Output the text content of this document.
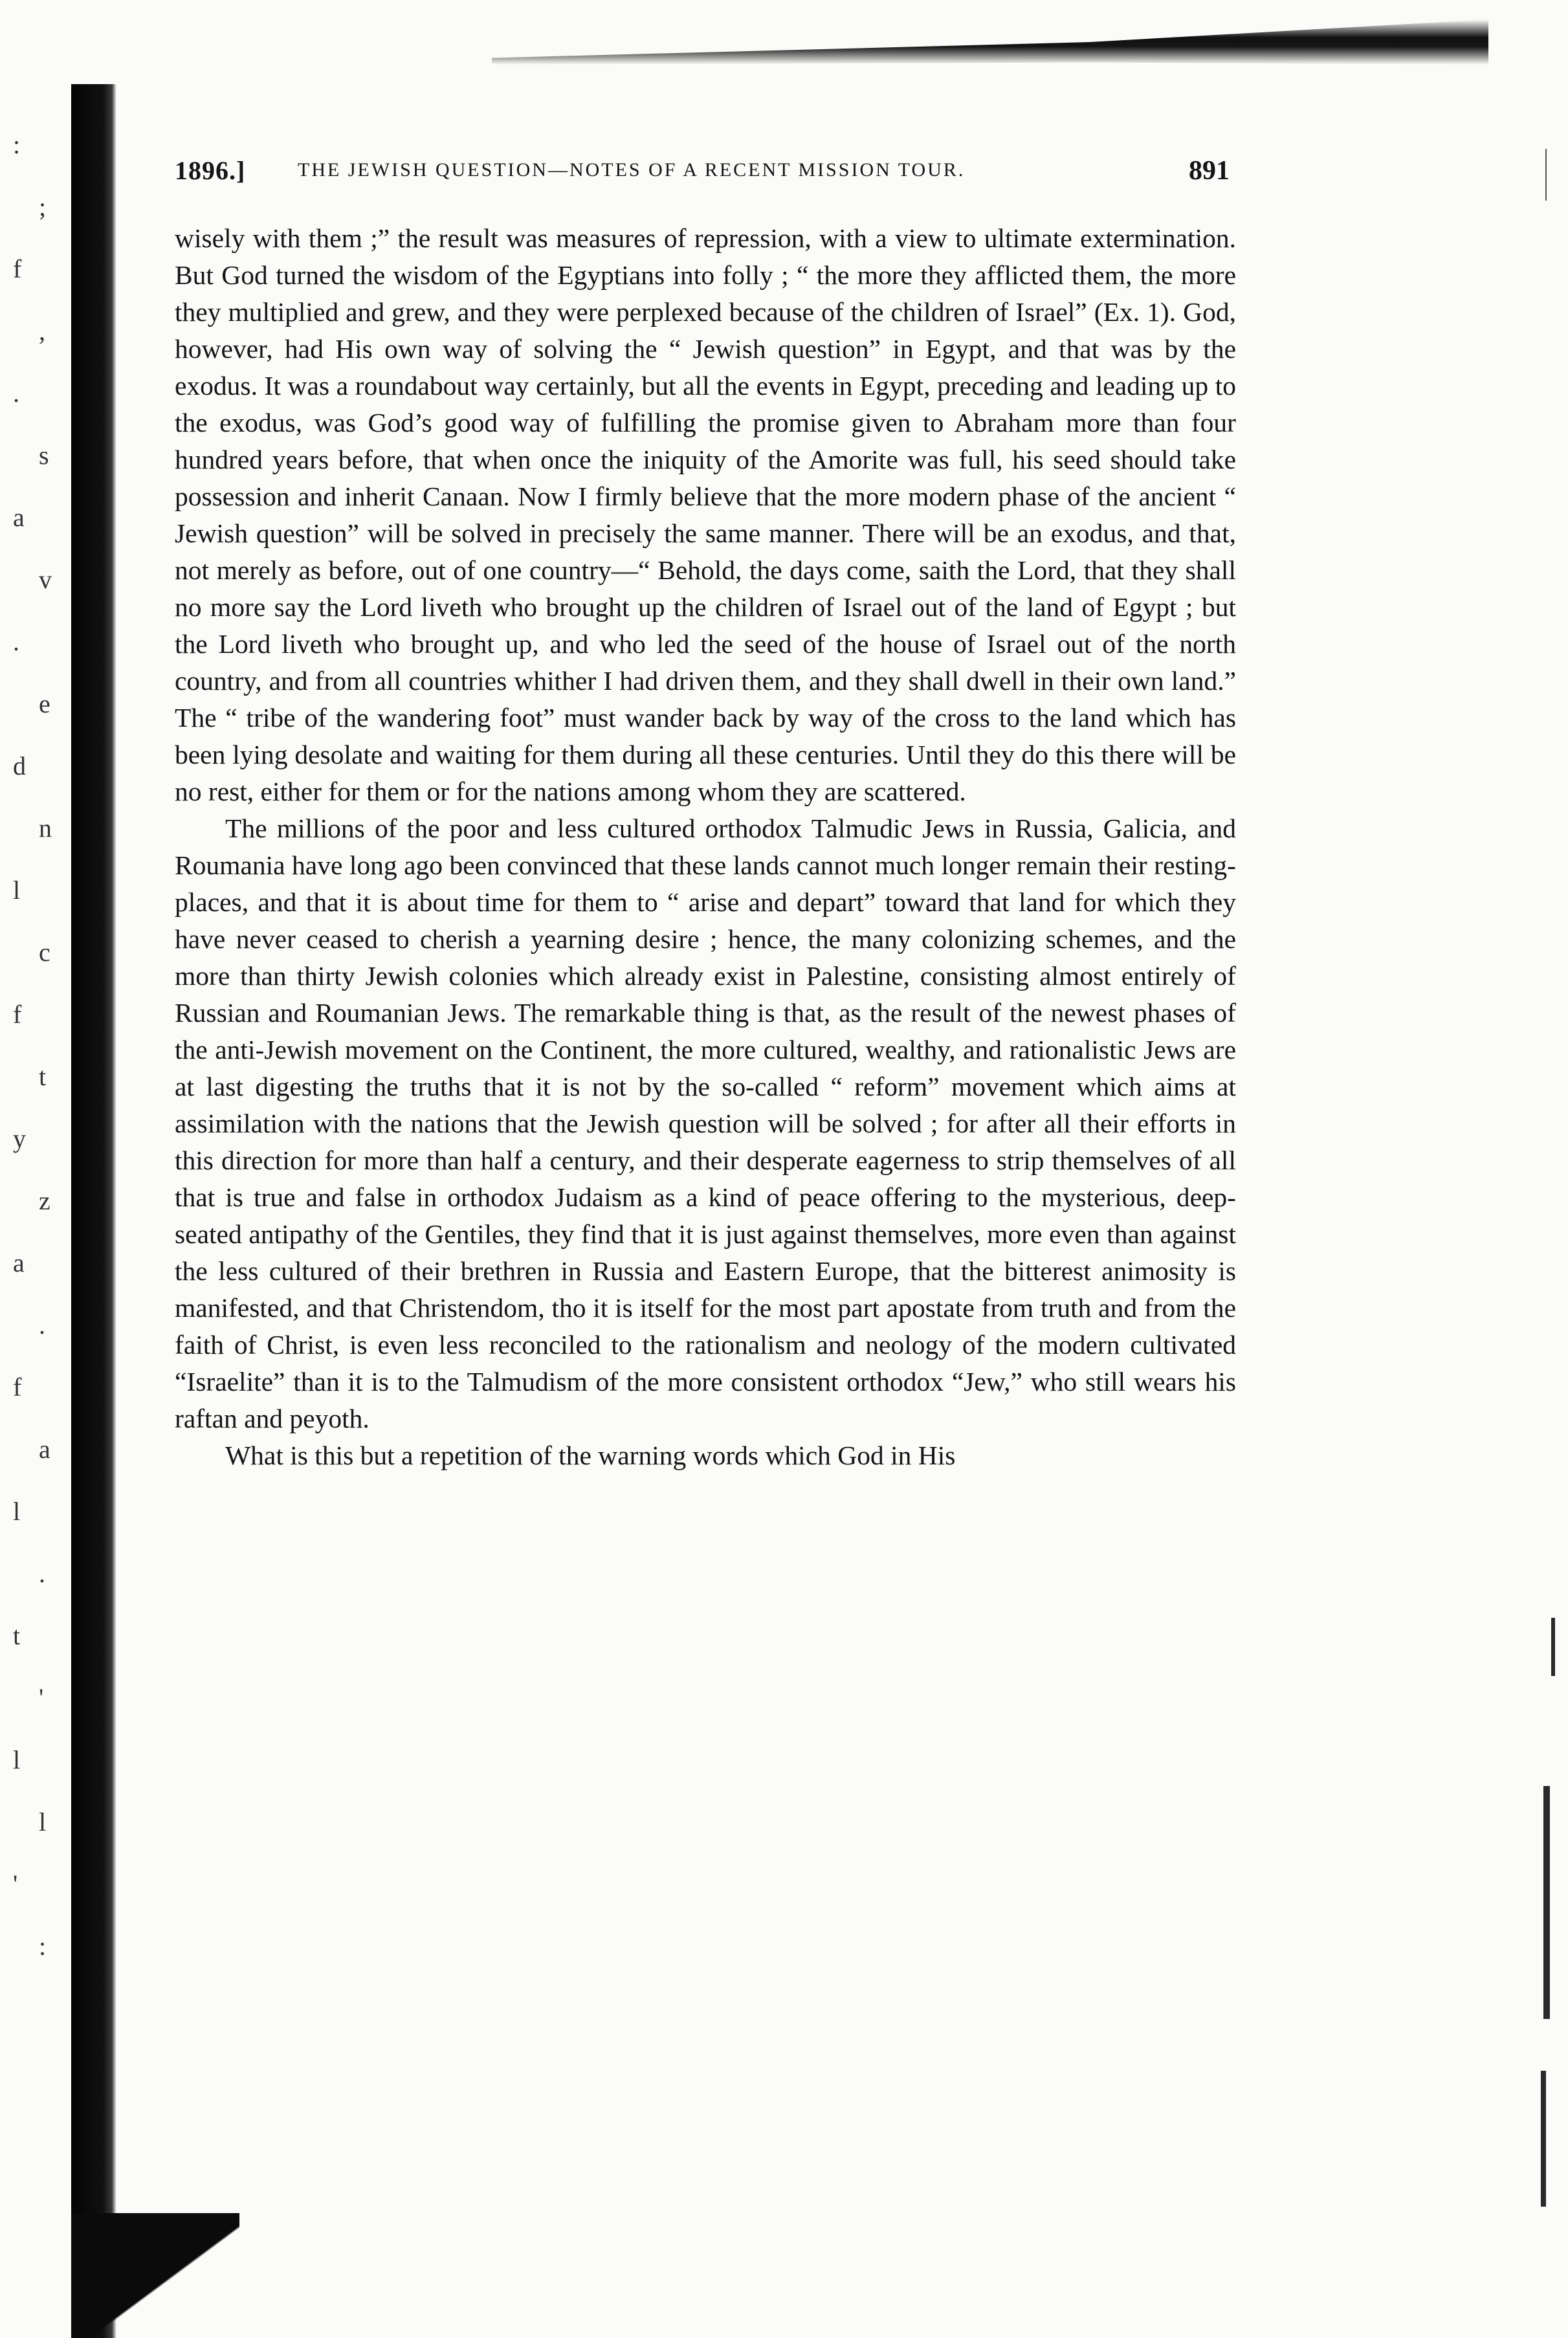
:
;
f
,
.
s
a
v
.
e
d
n
l
c
f
t
y
z
a
.
f
a
l
.
t
'
l
l
'
:
1896.]	THE JEWISH QUESTION—NOTES OF A RECENT MISSION TOUR.	891

wisely with them ;” the result was measures of repression, with a view to ultimate extermination. But God turned the wisdom of the Egyptians into folly ; “ the more they afflicted them, the more they multiplied and grew, and they were perplexed because of the children of Israel” (Ex. 1). God, however, had His own way of solving the “ Jewish question” in Egypt, and that was by the exodus. It was a roundabout way certainly, but all the events in Egypt, preceding and leading up to the exodus, was God’s good way of fulfilling the promise given to Abraham more than four hundred years before, that when once the iniquity of the Amorite was full, his seed should take possession and inherit Canaan. Now I firmly believe that the more modern phase of the ancient “ Jewish question” will be solved in precisely the same manner. There will be an exodus, and that, not merely as before, out of one country—“ Behold, the days come, saith the Lord, that they shall no more say the Lord liveth who brought up the children of Israel out of the land of Egypt ; but the Lord liveth who brought up, and who led the seed of the house of Israel out of the north country, and from all countries whither I had driven them, and they shall dwell in their own land.” The “ tribe of the wandering foot” must wander back by way of the cross to the land which has been lying desolate and waiting for them during all these centuries. Until they do this there will be no rest, either for them or for the nations among whom they are scattered.

The millions of the poor and less cultured orthodox Talmudic Jews in Russia, Galicia, and Roumania have long ago been convinced that these lands cannot much longer remain their resting-places, and that it is about time for them to “ arise and depart” toward that land for which they have never ceased to cherish a yearning desire ; hence, the many colonizing schemes, and the more than thirty Jewish colonies which already exist in Palestine, consisting almost entirely of Russian and Roumanian Jews. The remarkable thing is that, as the result of the newest phases of the anti-Jewish movement on the Continent, the more cultured, wealthy, and rationalistic Jews are at last digesting the truths that it is not by the so-called “ reform” movement which aims at assimilation with the nations that the Jewish question will be solved ; for after all their efforts in this direction for more than half a century, and their desperate eagerness to strip themselves of all that is true and false in orthodox Judaism as a kind of peace offering to the mysterious, deep-seated antipathy of the Gentiles, they find that it is just against themselves, more even than against the less cultured of their brethren in Russia and Eastern Europe, that the bitterest animosity is manifested, and that Christendom, tho it is itself for the most part apostate from truth and from the faith of Christ, is even less reconciled to the rationalism and neology of the modern cultivated “Israelite” than it is to the Talmudism of the more consistent orthodox “Jew,” who still wears his raftan and peyoth.

What is this but a repetition of the warning words which God in His
